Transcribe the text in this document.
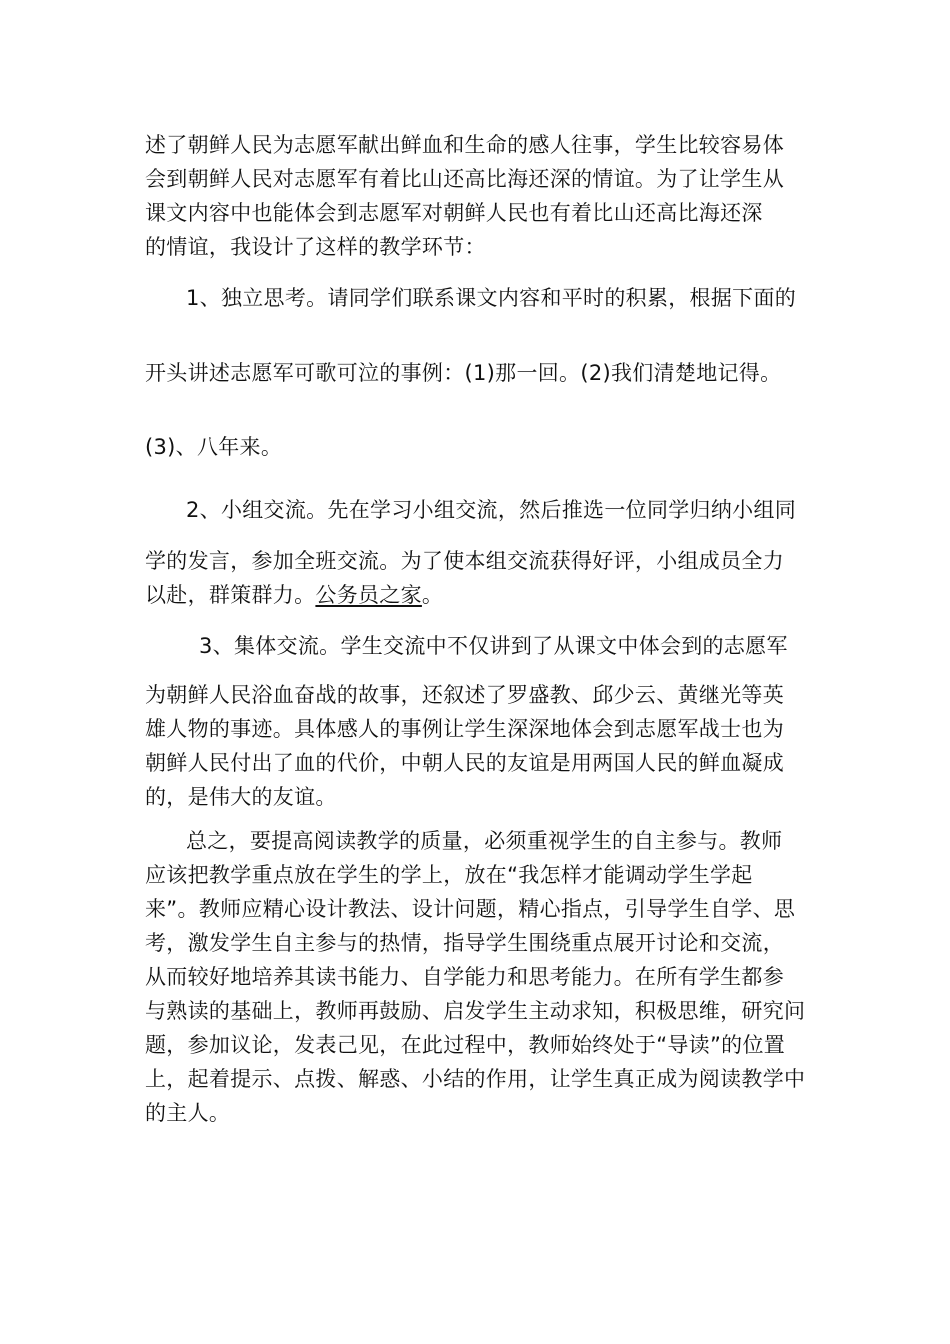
述了朝鲜人民为志愿军献出鲜血和生命的感人往事，学生比较容易体
会到朝鲜人民对志愿军有着比山还高比海还深的情谊。为了让学生从
课文内容中也能体会到志愿军对朝鲜人民也有着比山还高比海还深
的情谊，我设计了这样的教学环节：
1、独立思考。请同学们联系课文内容和平时的积累，根据下面的
开头讲述志愿军可歌可泣的事例：(1)那一回。(2)我们清楚地记得。
(3)、八年来。
2、小组交流。先在学习小组交流，然后推选一位同学归纳小组同
学的发言，参加全班交流。为了使本组交流获得好评，小组成员全力
以赴，群策群力。公务员之家。
3、集体交流。学生交流中不仅讲到了从课文中体会到的志愿军
为朝鲜人民浴血奋战的故事，还叙述了罗盛教、邱少云、黄继光等英
雄人物的事迹。具体感人的事例让学生深深地体会到志愿军战士也为
朝鲜人民付出了血的代价，中朝人民的友谊是用两国人民的鲜血凝成
的，是伟大的友谊。
总之，要提高阅读教学的质量，必须重视学生的自主参与。教师
应该把教学重点放在学生的学上，放在“我怎样才能调动学生学起
来”。教师应精心设计教法、设计问题，精心指点，引导学生自学、思
考，激发学生自主参与的热情，指导学生围绕重点展开讨论和交流，
从而较好地培养其读书能力、自学能力和思考能力。在所有学生都参
与熟读的基础上，教师再鼓励、启发学生主动求知，积极思维，研究问
题，参加议论，发表己见，在此过程中，教师始终处于“导读”的位置
上，起着提示、点拨、解惑、小结的作用，让学生真正成为阅读教学中
的主人。
